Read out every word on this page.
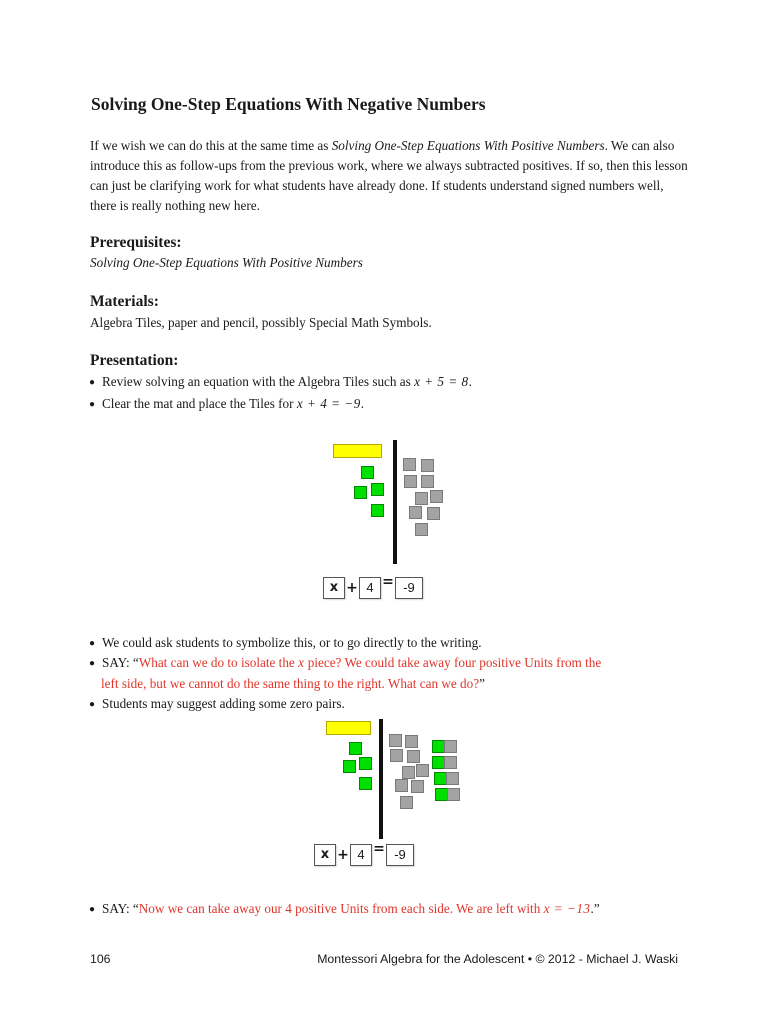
Solving One-Step Equations With Negative Numbers

If we wish we can do this at the same time as Solving One-Step Equations With Positive Numbers. We can also introduce this as follow-ups from the previous work, where we always subtracted positives. If so, then this lesson can just be clarifying work for what students have already done. If students understand signed numbers well, there is really nothing new here.

Prerequisites:

Solving One-Step Equations With Positive Numbers

Materials:

Algebra Tiles, paper and pencil, possibly Special Math Symbols.

Presentation:

● Review solving an equation with the Algebra Tiles such as x + 5 = 8.

● Clear the mat and place the Tiles for x + 4 = −9.

x + 4 = -9

● We could ask students to symbolize this, or to go directly to the writing.

● SAY: “What can we do to isolate the x piece? We could take away four positive Units from the

left side, but we cannot do the same thing to the right. What can we do?”

● Students may suggest adding some zero pairs.

x + 4 = -9

● SAY: “Now we can take away our 4 positive Units from each side. We are left with x = −13.”

106	Montessori Algebra for the Adolescent • © 2012 - Michael J. Waski
